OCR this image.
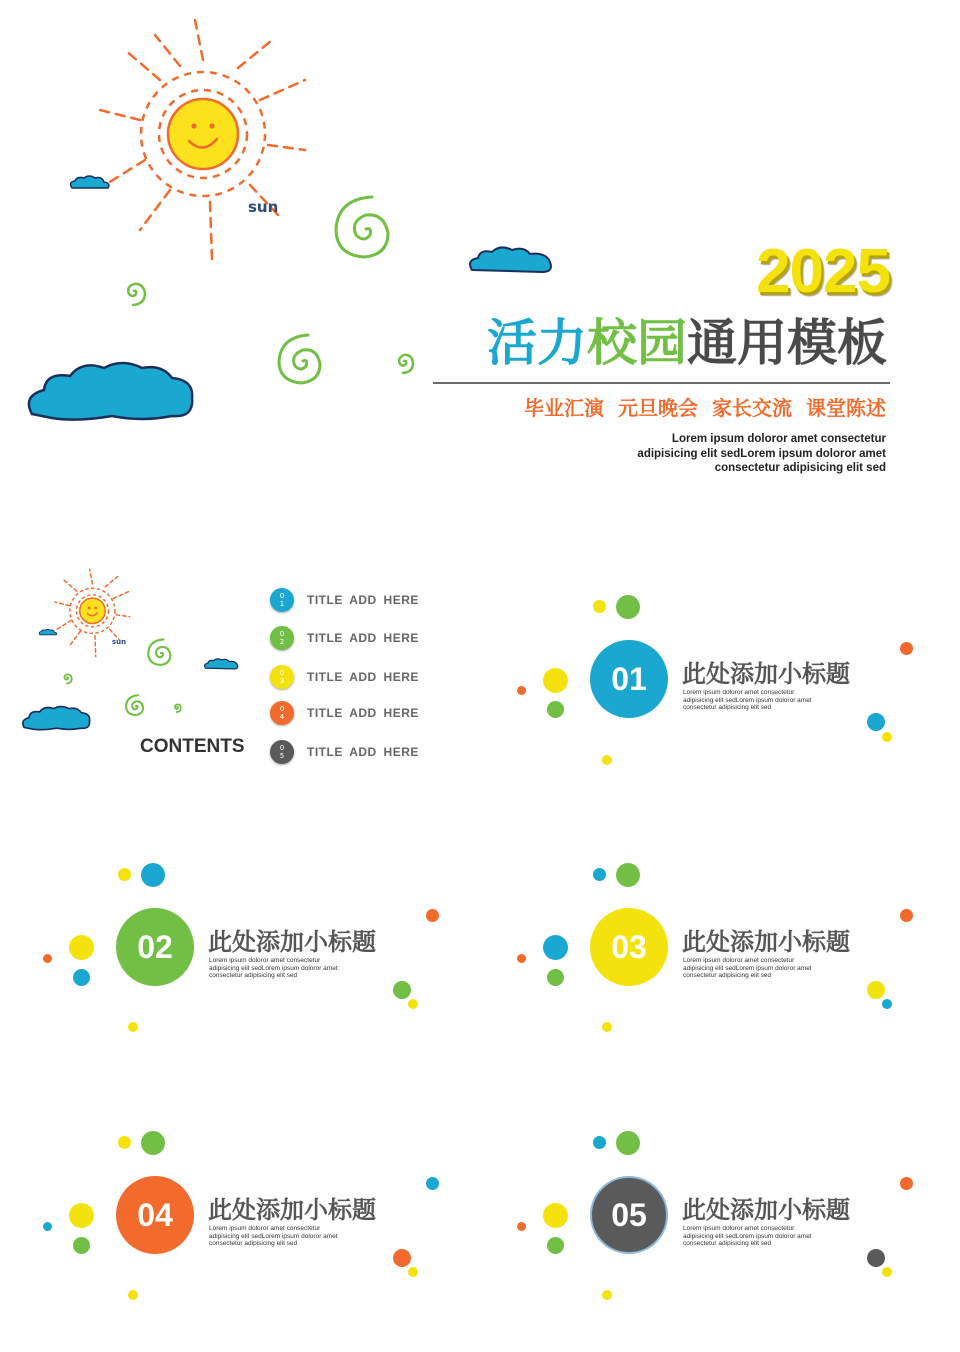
sun
2025
活力校园通用模板
毕业汇演 元旦晚会 家长交流 课堂陈述
Lorem ipsum doloror amet consectetur
adipisicing elit sedLorem ipsum doloror amet
consectetur adipisicing elit sed
sun
CONTENTS
0
1	TITLE ADD HERE
0
2	TITLE ADD HERE
0
3	TITLE ADD HERE
0
4	TITLE ADD HERE
0
5	TITLE ADD HERE
01	此处添加小标题
Lorem ipsum doloror amet consectetur
adipisicing elit sedLorem ipsum doloror amet
consectetur adipisicing elit sed
02	此处添加小标题
Lorem ipsum doloror amet consectetur
adipisicing elit sedLorem ipsum doloror amet
consectetur adipisicing elit sed
03	此处添加小标题
Lorem ipsum doloror amet consectetur
adipisicing elit sedLorem ipsum doloror amet
consectetur adipisicing elit sed
04	此处添加小标题
Lorem ipsum doloror amet consectetur
adipisicing elit sedLorem ipsum doloror amet
consectetur adipisicing elit sed
05	此处添加小标题
Lorem ipsum doloror amet consectetur
adipisicing elit sedLorem ipsum doloror amet
consectetur adipisicing elit sed
